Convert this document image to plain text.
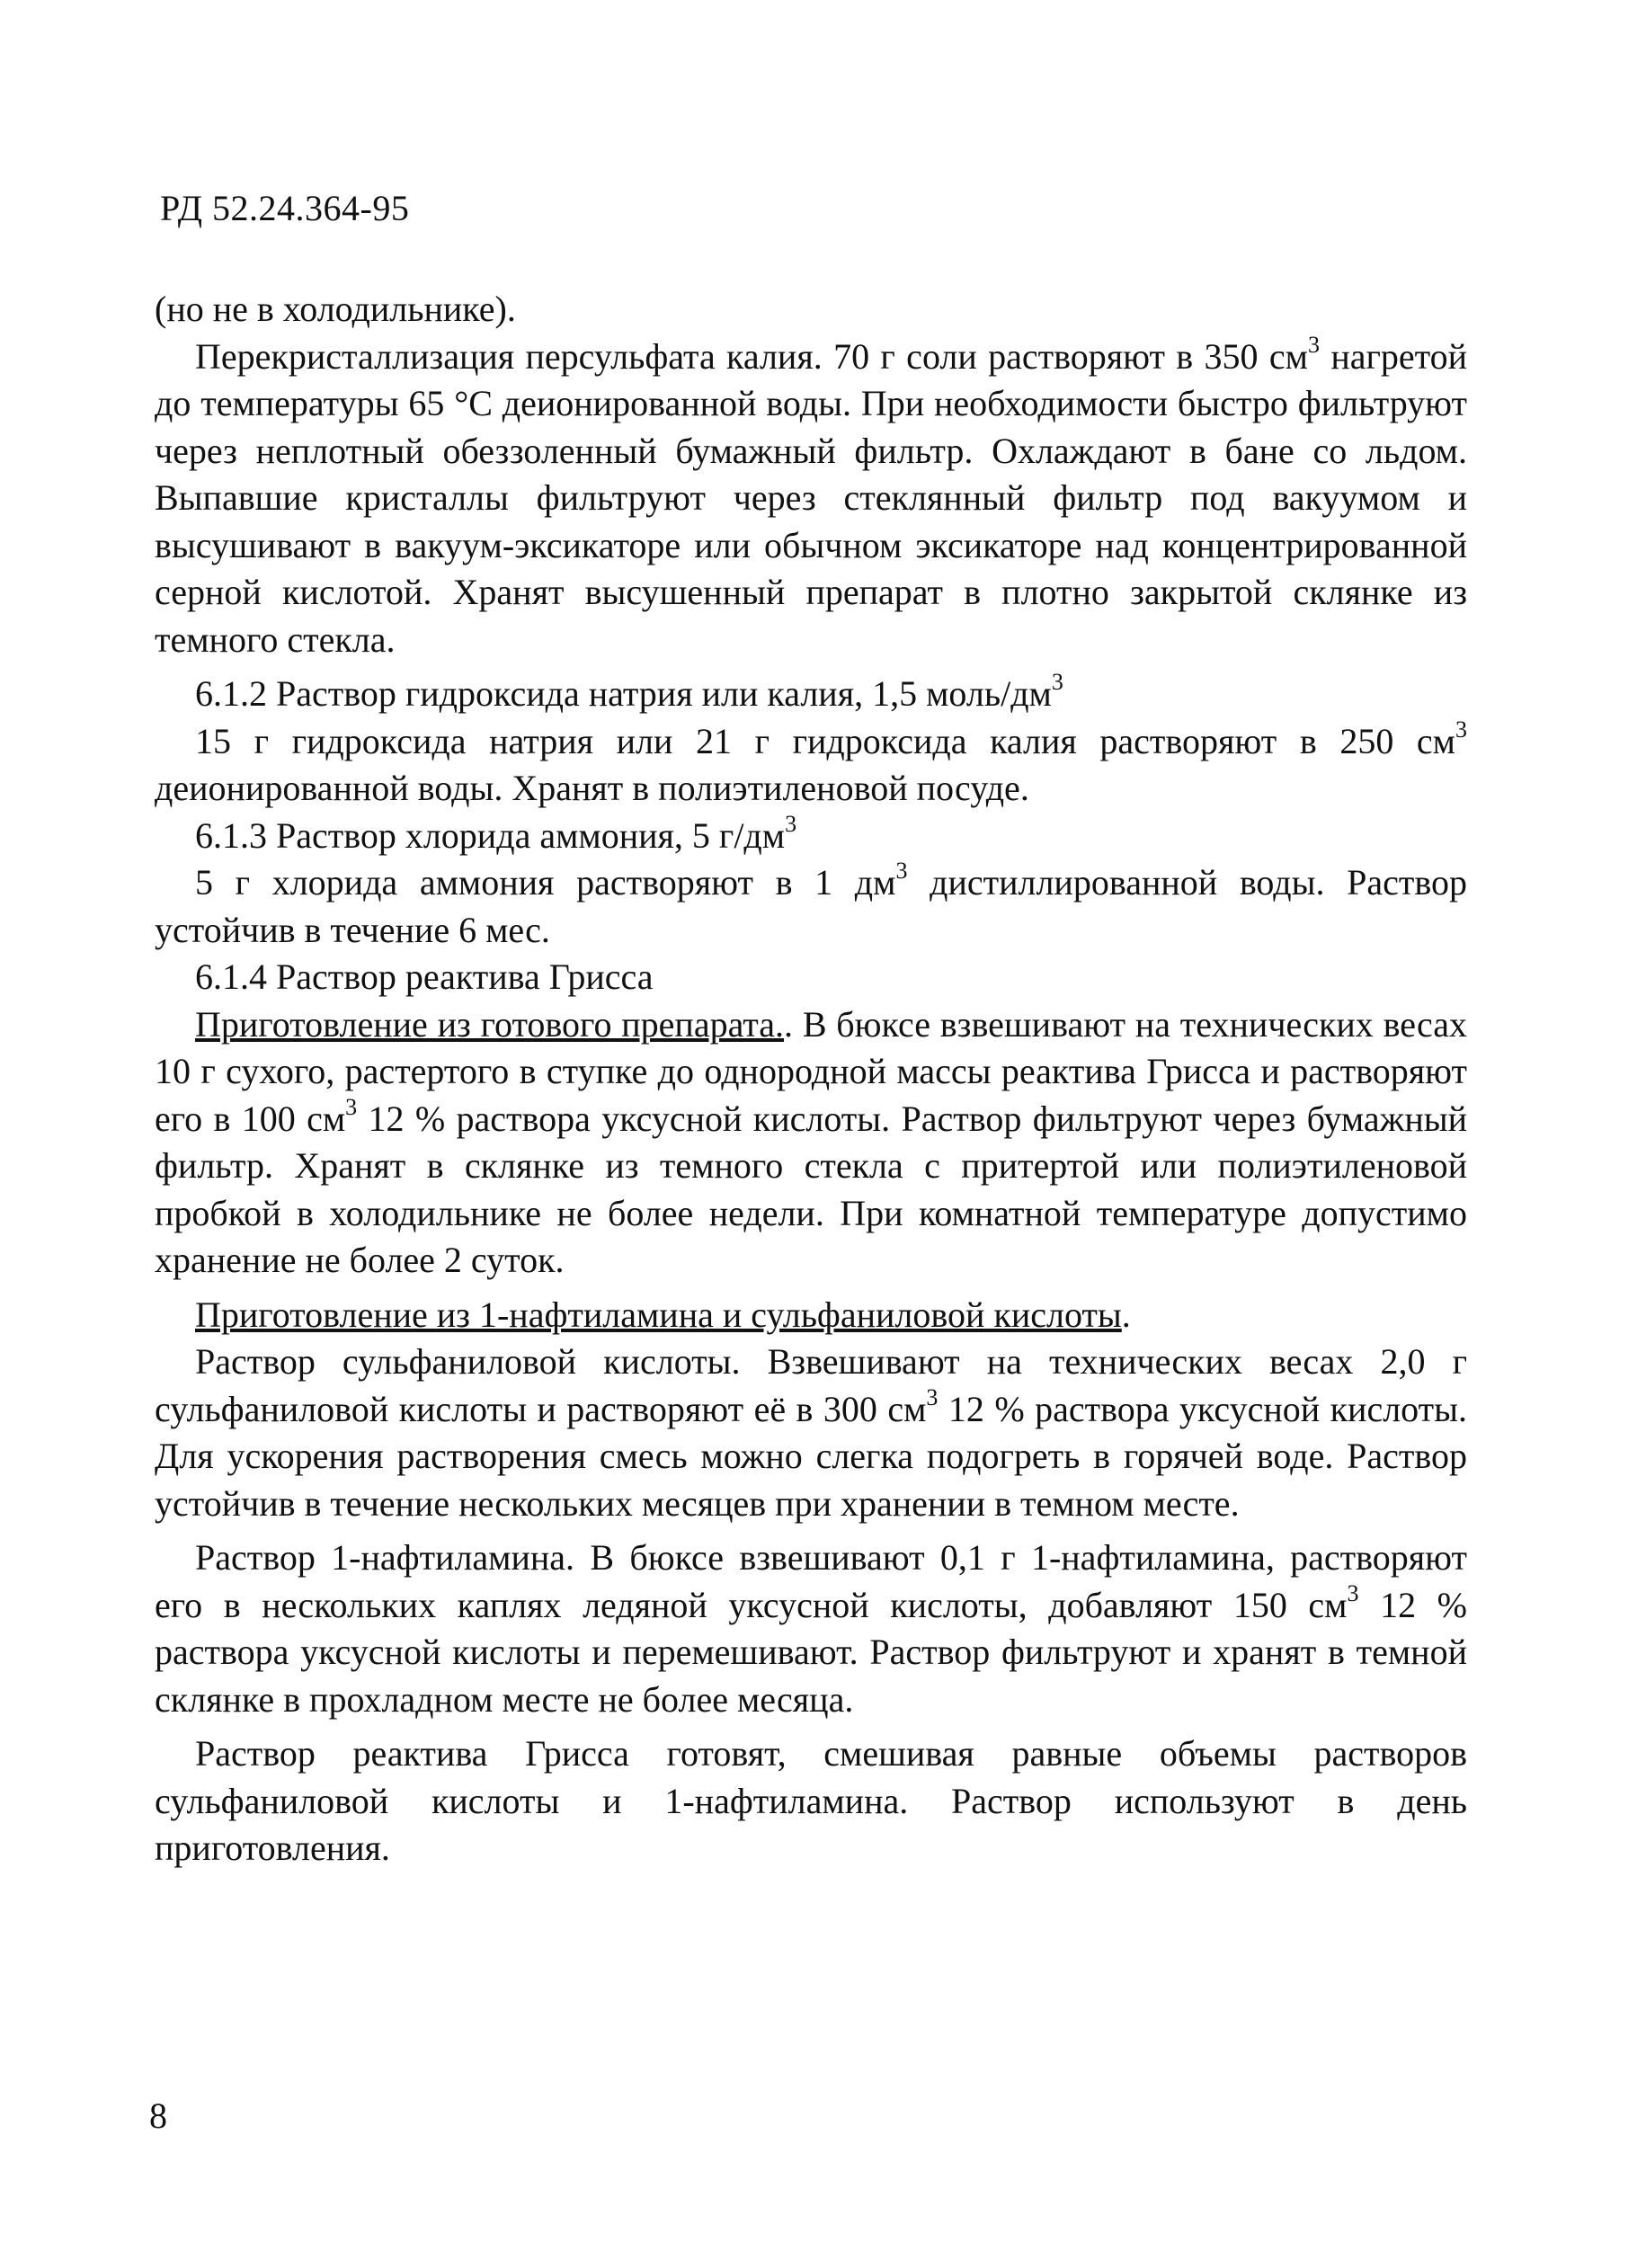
РД 52.24.364-95

(но не в холодильнике).

Перекристаллизация персульфата калия. 70 г соли растворяют в 350 $см^3$ нагретой до температуры 65 °С деионированной воды. При необходимости быстро фильтруют через неплотный обеззоленный бумажный фильтр. Охлаждают в бане со льдом. Выпавшие кристаллы фильтруют через стеклянный фильтр под вакуумом и высушивают в вакуум-эксикаторе или обычном эксикаторе над концентрированной серной кислотой. Хранят высушенный препарат в плотно закрытой склянке из темного стекла.

6.1.2 Раствор гидроксида натрия или калия, 1,5 моль/$дм^3$

15 г гидроксида натрия или 21 г гидроксида калия растворяют в 250 $см^3$ деионированной воды. Хранят в полиэтиленовой посуде.

6.1.3 Раствор хлорида аммония, 5 $г/дм^3$

5 г хлорида аммония растворяют в 1 $дм^3$ дистиллированной воды. Раствор устойчив в течение 6 мес.

6.1.4 Раствор реактива Грисса

Приготовление из готового препарата.. В бюксе взвешивают на технических весах 10 г сухого, растертого в ступке до однородной массы реактива Грисса и растворяют его в 100 $см^3$ 12 % раствора уксусной кислоты. Раствор фильтруют через бумажный фильтр. Хранят в склянке из темного стекла с притертой или полиэтиленовой пробкой в холодильнике не более недели. При комнатной температуре допустимо хранение не более 2 суток.

Приготовление из 1-нафтиламина и сульфаниловой кислоты.

Раствор сульфаниловой кислоты. Взвешивают на технических весах 2,0 г сульфаниловой кислоты и растворяют её в 300 $см^3$ 12 % раствора уксусной кислоты. Для ускорения растворения смесь можно слегка подогреть в горячей воде. Раствор устойчив в течение нескольких месяцев при хранении в темном месте.

Раствор 1-нафтиламина. В бюксе взвешивают 0,1 г 1-нафтиламина, растворяют его в нескольких каплях ледяной уксусной кислоты, добавляют 150 $см^3$ 12 % раствора уксусной кислоты и перемешивают. Раствор фильтруют и хранят в темной склянке в прохладном месте не более месяца.

Раствор реактива Грисса готовят, смешивая равные объемы растворов сульфаниловой кислоты и 1-нафтиламина. Раствор используют в день приготовления.

8
